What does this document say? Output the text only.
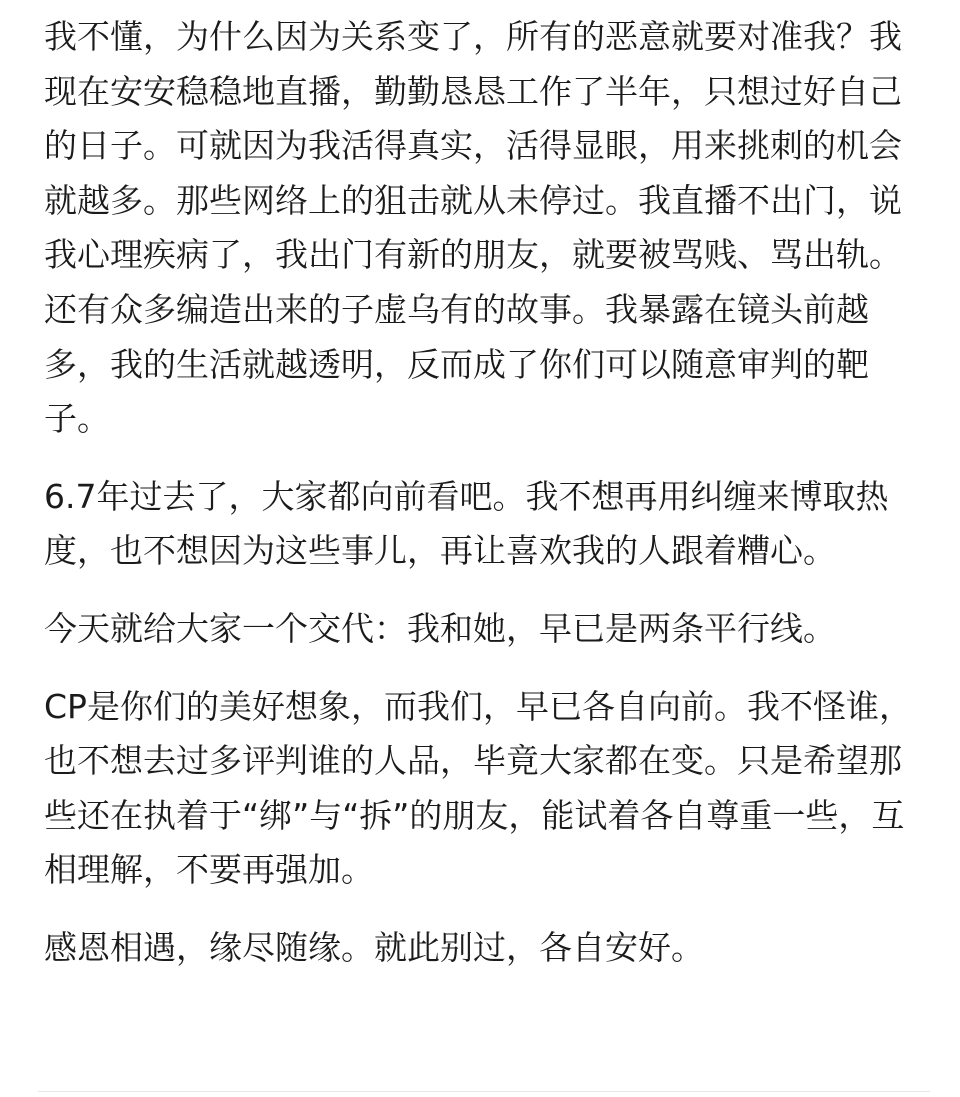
我不懂，为什么因为关系变了，所有的恶意就要对准我？我现在安安稳稳地直播，勤勤恳恳工作了半年，只想过好自己的日子。可就因为我活得真实，活得显眼，用来挑刺的机会就越多。那些网络上的狙击就从未停过。我直播不出门，说我心理疾病了，我出门有新的朋友，就要被骂贱、骂出轨。还有众多编造出来的子虚乌有的故事。我暴露在镜头前越多，我的生活就越透明，反而成了你们可以随意审判的靶子。

6.7年过去了，大家都向前看吧。我不想再用纠缠来博取热度，也不想因为这些事儿，再让喜欢我的人跟着糟心。

今天就给大家一个交代：我和她，早已是两条平行线。

CP是你们的美好想象，而我们，早已各自向前。我不怪谁，也不想去过多评判谁的人品，毕竟大家都在变。只是希望那些还在执着于“绑”与“拆”的朋友，能试着各自尊重一些，互相理解，不要再强加。

感恩相遇，缘尽随缘。就此别过，各自安好。
